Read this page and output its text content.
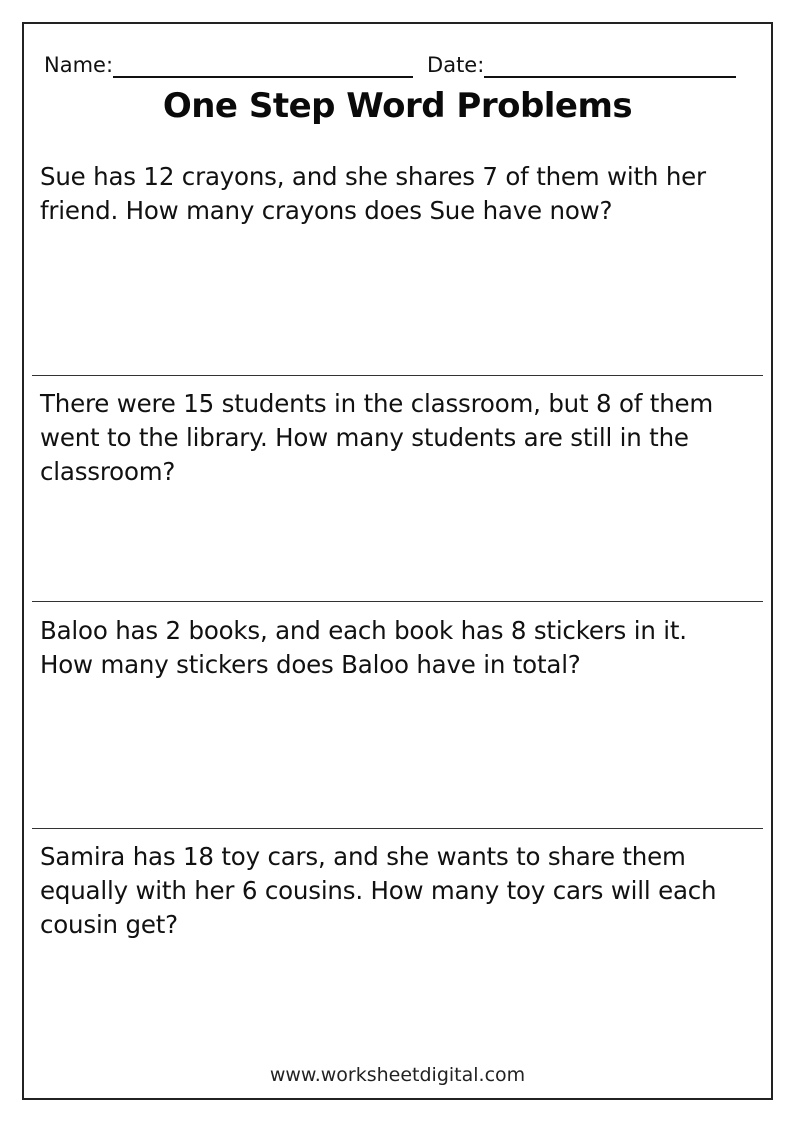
Name:	Date:
One Step Word Problems
Sue has 12 crayons, and she shares 7 of them with her friend. How many crayons does Sue have now?
There were 15 students in the classroom, but 8 of them went to the library. How many students are still in the classroom?
Baloo has 2 books, and each book has 8 stickers in it. How many stickers does Baloo have in total?
Samira has 18 toy cars, and she wants to share them equally with her 6 cousins. How many toy cars will each cousin get?
www.worksheetdigital.com
